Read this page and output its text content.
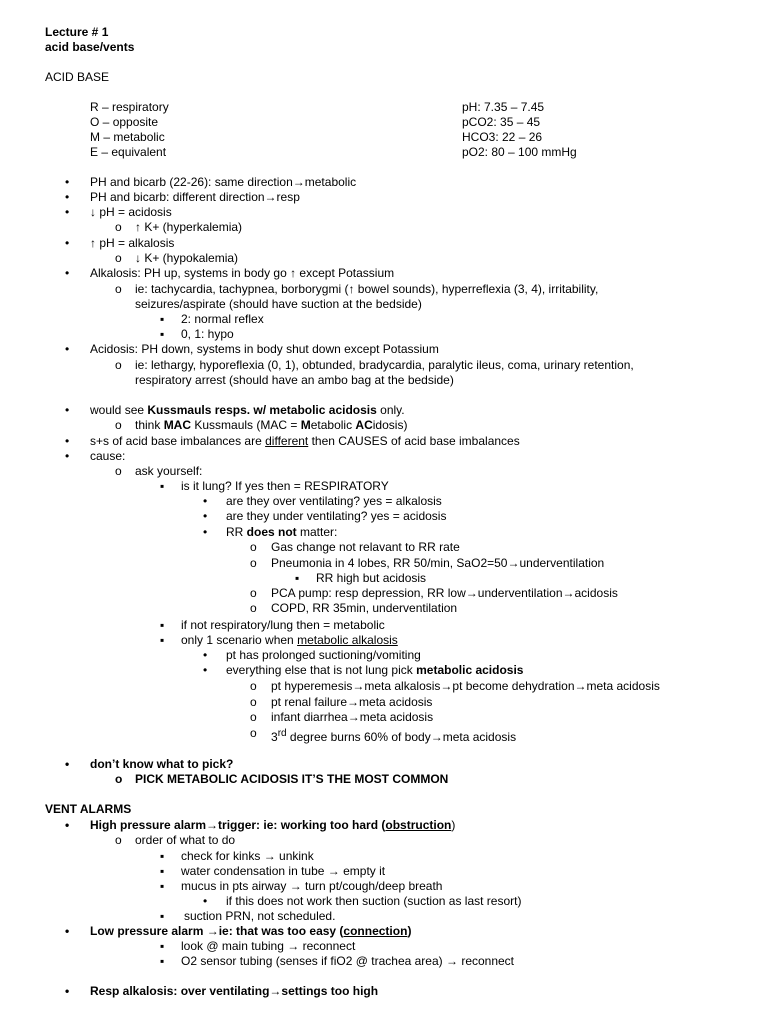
Lecture # 1
acid base/vents
ACID BASE
R – respiratory
O – opposite
M – metabolic
E – equivalent
pH: 7.35 – 7.45
pCO2: 35 – 45
HCO3: 22 – 26
pO2: 80 – 100 mmHg
• PH and bicarb (22-26): same direction→metabolic
• PH and bicarb: different direction→resp
• ↓ pH = acidosis
o ↑ K+ (hyperkalemia)
• ↑ pH = alkalosis
o ↓ K+ (hypokalemia)
• Alkalosis: PH up, systems in body go ↑ except Potassium
o ie: tachycardia, tachypnea, borborygmi (↑ bowel sounds), hyperreflexia (3, 4), irritability,
seizures/aspirate (should have suction at the bedside)
▪ 2: normal reflex
▪ 0, 1: hypo
• Acidosis: PH down, systems in body shut down except Potassium
o ie: lethargy, hyporeflexia (0, 1), obtunded, bradycardia, paralytic ileus, coma, urinary retention,
respiratory arrest (should have an ambo bag at the bedside)
• would see Kussmauls resps. w/ metabolic acidosis only.
o think MAC Kussmauls (MAC = Metabolic ACidosis)
• s+s of acid base imbalances are different then CAUSES of acid base imbalances
• cause:
o ask yourself:
▪ is it lung? If yes then = RESPIRATORY
• are they over ventilating? yes = alkalosis
• are they under ventilating? yes = acidosis
• RR does not matter:
o Gas change not relavant to RR rate
o Pneumonia in 4 lobes, RR 50/min, SaO2=50→underventilation
▪ RR high but acidosis
o PCA pump: resp depression, RR low→underventilation→acidosis
o COPD, RR 35min, underventilation
▪ if not respiratory/lung then = metabolic
▪ only 1 scenario when metabolic alkalosis
• pt has prolonged suctioning/vomiting
• everything else that is not lung pick metabolic acidosis
o pt hyperemesis→meta alkalosis→pt become dehydration→meta acidosis
o pt renal failure→meta acidosis
o infant diarrhea→meta acidosis
o 3rd degree burns 60% of body→meta acidosis
• don’t know what to pick?
o PICK METABOLIC ACIDOSIS IT’S THE MOST COMMON
VENT ALARMS
• High pressure alarm→trigger: ie: working too hard (obstruction)
o order of what to do
▪ check for kinks → unkink
▪ water condensation in tube → empty it
▪ mucus in pts airway → turn pt/cough/deep breath
• if this does not work then suction (suction as last resort)
▪ suction PRN, not scheduled.
• Low pressure alarm →ie: that was too easy (connection)
▪ look @ main tubing → reconnect
▪ O2 sensor tubing (senses if fiO2 @ trachea area) → reconnect
• Resp alkalosis: over ventilating→settings too high
